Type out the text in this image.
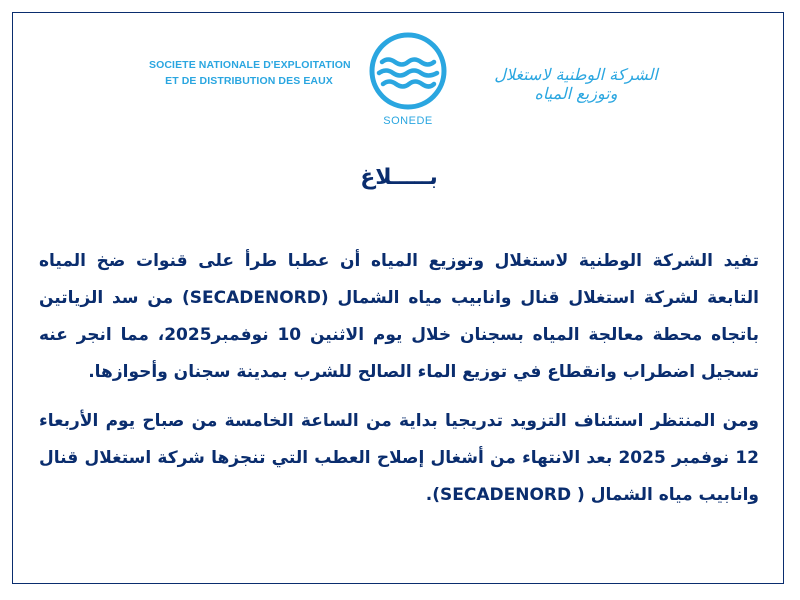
SOCIETE NATIONALE D'EXPLOITATION
ET DE DISTRIBUTION DES EAUX
SONEDE
الشركة الوطنية لاستغلال وتوزيع المياه
بـــــلاغ

تفيد الشركة الوطنية لاستغلال وتوزيع المياه أن عطبا طرأ على قنوات ضخ المياه التابعة لشركة استغلال قنال وانابيب مياه الشمال (SECADENORD) من سد الزياتين باتجاه محطة معالجة المياه بسجنان خلال يوم الاثنين 10 نوفمبر2025، مما انجر عنه تسجيل اضطراب وانقطاع في توزيع الماء الصالح للشرب بمدينة سجنان وأحوازها.

ومن المنتظر استئناف التزويد تدريجيا بداية من الساعة الخامسة من صباح يوم الأربعاء 12 نوفمبر 2025 بعد الانتهاء من أشغال إصلاح العطب التي تنجزها شركة استغلال قنال وانابيب مياه الشمال ( SECADENORD).
